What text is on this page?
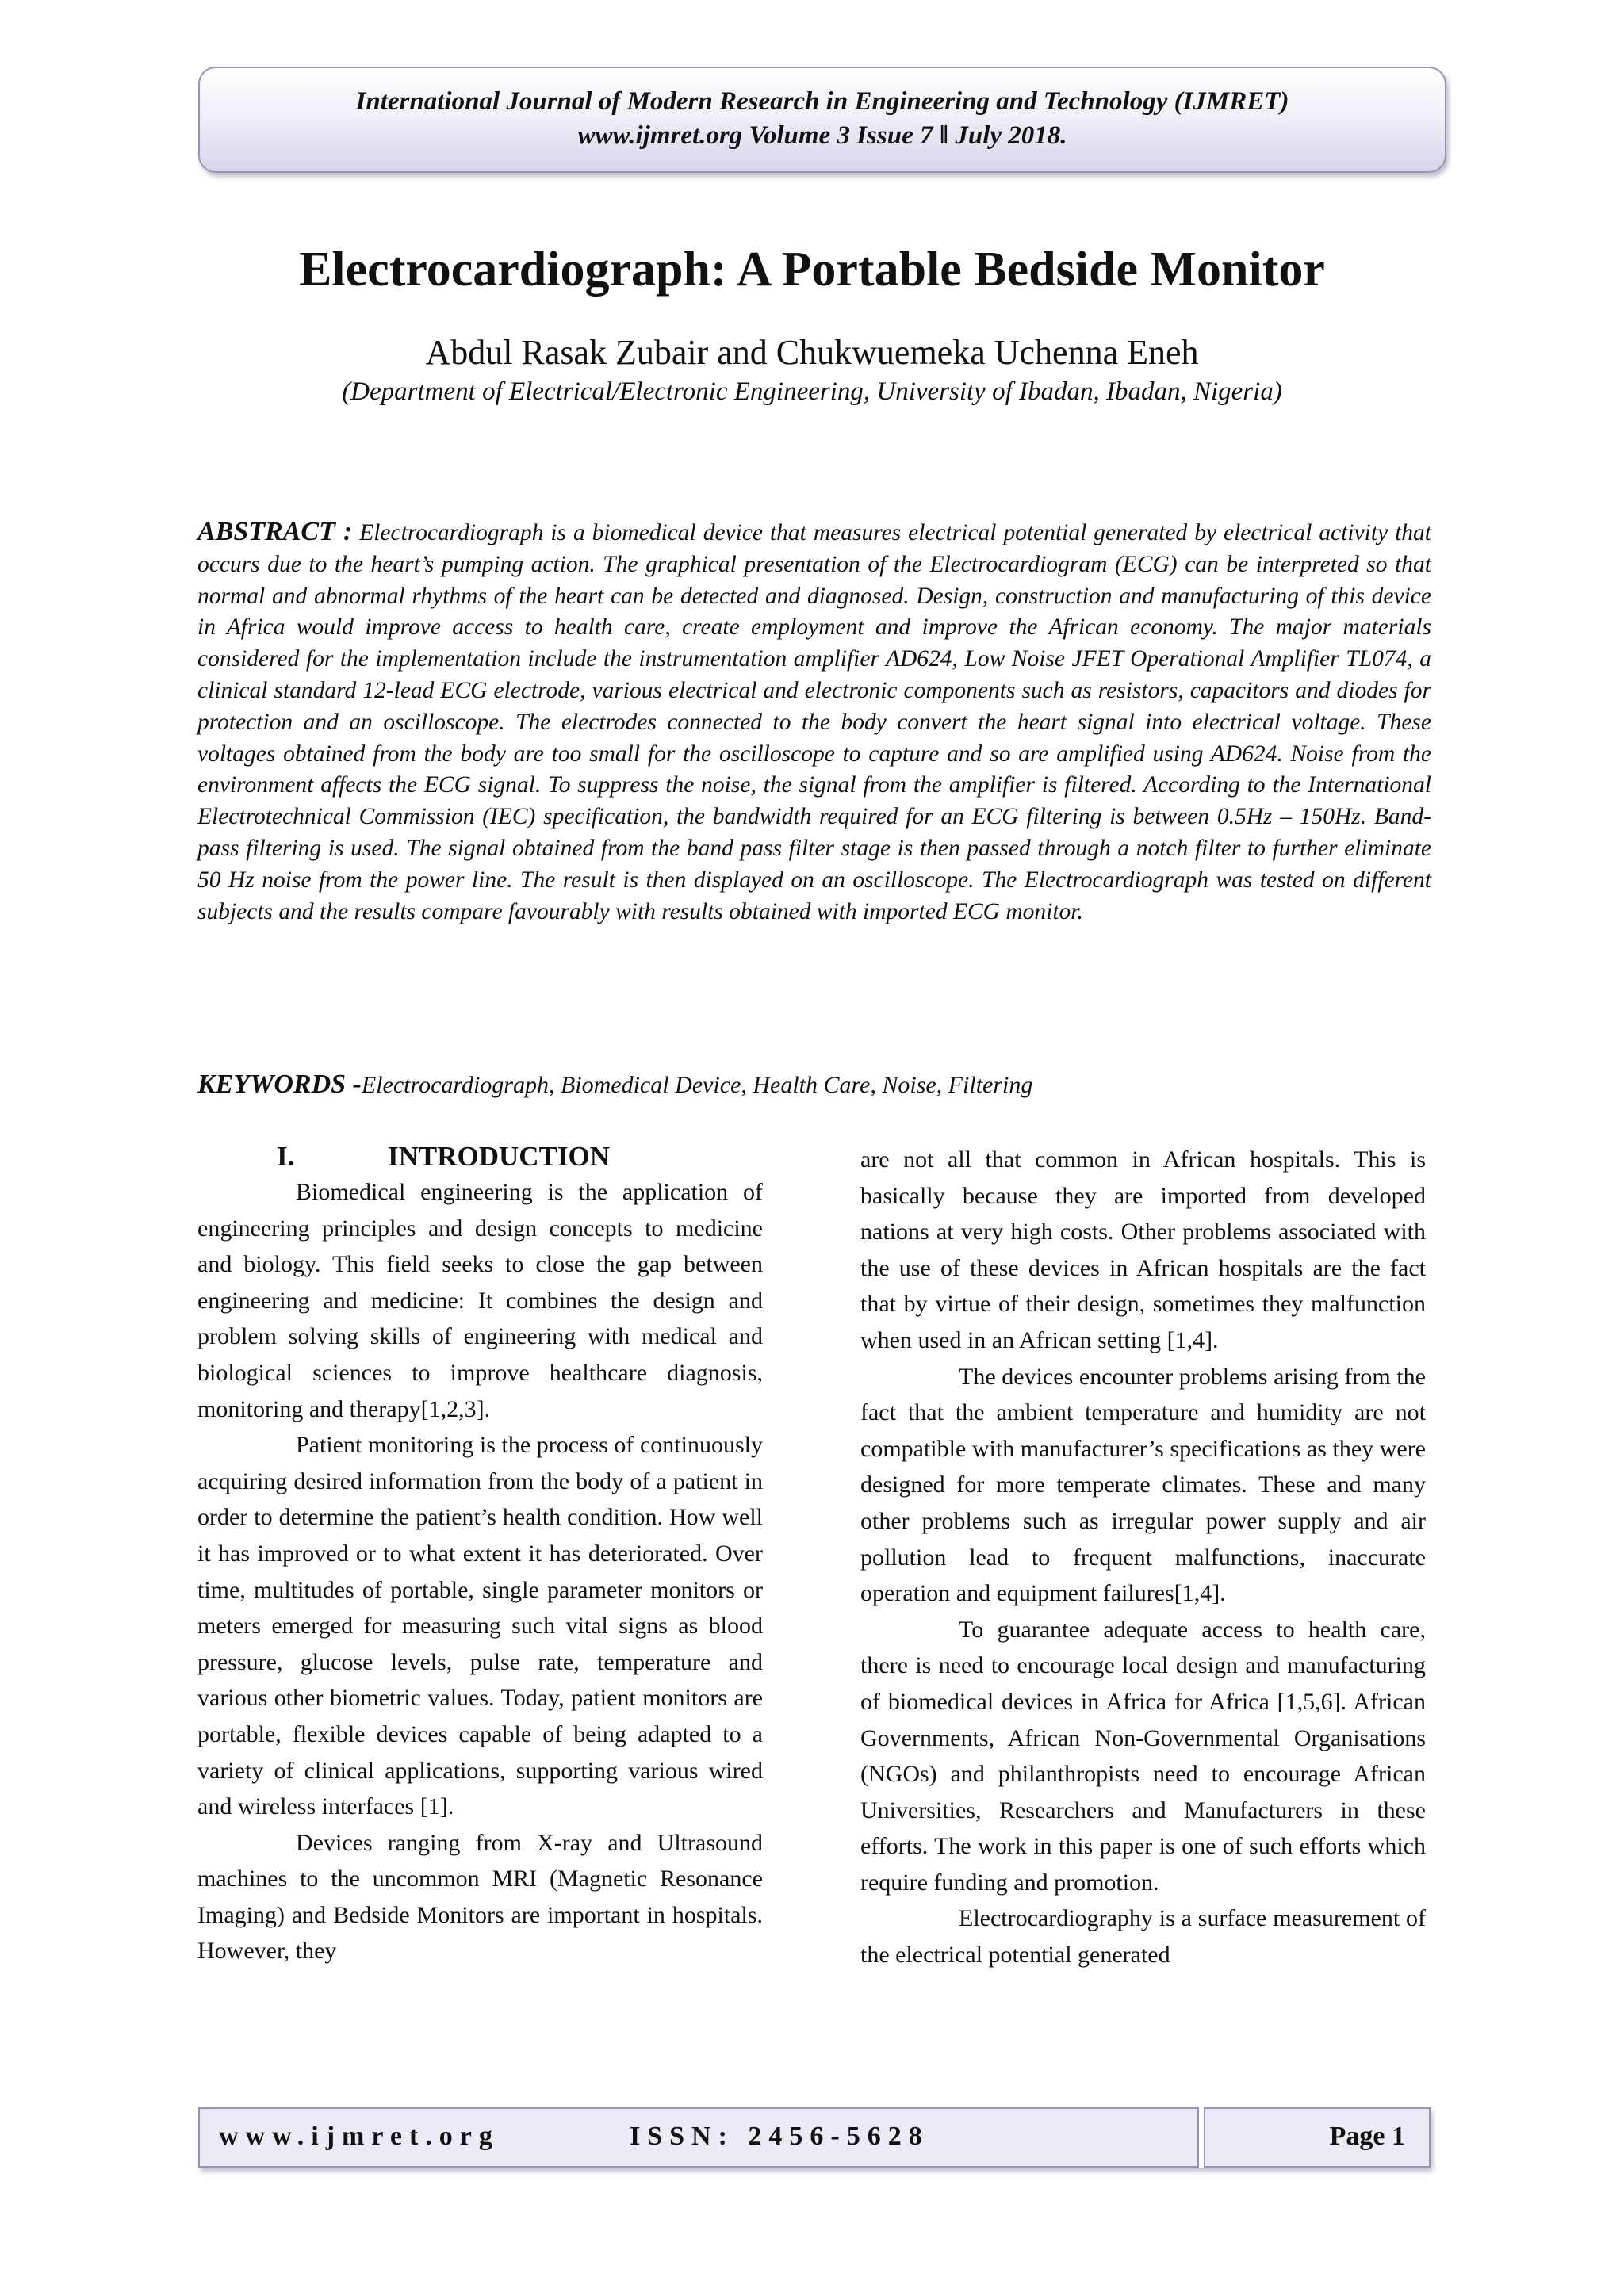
International Journal of Modern Research in Engineering and Technology (IJMRET)
www.ijmret.org Volume 3 Issue 7 ǁ July 2018.
Electrocardiograph: A Portable Bedside Monitor
Abdul Rasak Zubair and Chukwuemeka Uchenna Eneh
(Department of Electrical/Electronic Engineering, University of Ibadan, Ibadan, Nigeria)

ABSTRACT : Electrocardiograph is a biomedical device that measures electrical potential generated by electrical activity that occurs due to the heart’s pumping action. The graphical presentation of the Electrocardiogram (ECG) can be interpreted so that normal and abnormal rhythms of the heart can be detected and diagnosed. Design, construction and manufacturing of this device in Africa would improve access to health care, create employment and improve the African economy. The major materials considered for the implementation include the instrumentation amplifier AD624, Low Noise JFET Operational Amplifier TL074, a clinical standard 12-lead ECG electrode, various electrical and electronic components such as resistors, capacitors and diodes for protection and an oscilloscope. The electrodes connected to the body convert the heart signal into electrical voltage. These voltages obtained from the body are too small for the oscilloscope to capture and so are amplified using AD624. Noise from the environment affects the ECG signal. To suppress the noise, the signal from the amplifier is filtered. According to the International Electrotechnical Commission (IEC) specification, the bandwidth required for an ECG filtering is between 0.5Hz – 150Hz. Band-pass filtering is used. The signal obtained from the band pass filter stage is then passed through a notch filter to further eliminate 50 Hz noise from the power line. The result is then displayed on an oscilloscope. The Electrocardiograph was tested on different subjects and the results compare favourably with results obtained with imported ECG monitor.

KEYWORDS -Electrocardiograph, Biomedical Device, Health Care, Noise, Filtering

I.	INTRODUCTION

Biomedical engineering is the application of engineering principles and design concepts to medicine and biology. This field seeks to close the gap between engineering and medicine: It combines the design and problem solving skills of engineering with medical and biological sciences to improve healthcare diagnosis, monitoring and therapy[1,2,3].

Patient monitoring is the process of continuously acquiring desired information from the body of a patient in order to determine the patient’s health condition. How well it has improved or to what extent it has deteriorated. Over time, multitudes of portable, single parameter monitors or meters emerged for measuring such vital signs as blood pressure, glucose levels, pulse rate, temperature and various other biometric values. Today, patient monitors are portable, flexible devices capable of being adapted to a variety of clinical applications, supporting various wired and wireless interfaces [1].

Devices ranging from X-ray and Ultrasound machines to the uncommon MRI (Magnetic Resonance Imaging) and Bedside Monitors are important in hospitals. However, they

are not all that common in African hospitals. This is basically because they are imported from developed nations at very high costs. Other problems associated with the use of these devices in African hospitals are the fact that by virtue of their design, sometimes they malfunction when used in an African setting [1,4].

The devices encounter problems arising from the fact that the ambient temperature and humidity are not compatible with manufacturer’s specifications as they were designed for more temperate climates. These and many other problems such as irregular power supply and air pollution lead to frequent malfunctions, inaccurate operation and equipment failures[1,4].

To guarantee adequate access to health care, there is need to encourage local design and manufacturing of biomedical devices in Africa for Africa [1,5,6]. African Governments, African Non-Governmental Organisations (NGOs) and philanthropists need to encourage African Universities, Researchers and Manufacturers in these efforts. The work in this paper is one of such efforts which require funding and promotion.

Electrocardiography is a surface measurement of the electrical potential generated

www.ijmret.org	ISSN: 2456-5628	Page 1
